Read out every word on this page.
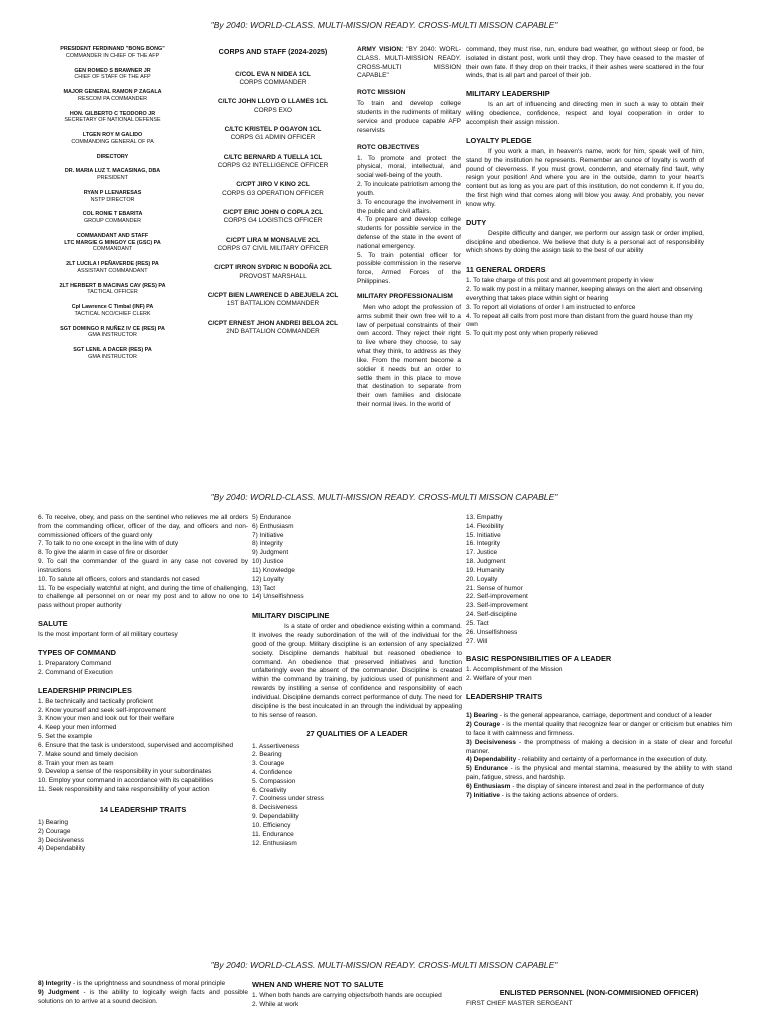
"By 2040: WORLD-CLASS. MULTI-MISSION READY. CROSS-MULTI MISSON CAPABLE"
PRESIDENT FERDINAND "BONG BONG"
COMMANDER IN CHIEF OF THE AFP
GEN ROMEO S BRAWNER JR
CHIEF OF STAFF OF THE AFP
MAJOR GENERAL RAMON P ZAGALA
RESCOM PA COMMANDER
HON. GILBERTO C TEODORO JR
SECRETARY OF NATIONAL DEFENSE
LTGEN ROY M GALIDO
COMMANDING GENERAL OF PA
DIRECTORY
DR. MARIA LUZ T. MACASINAG, DBA
PRESIDENT
RYAN P LLENARESAS
NSTP DIRECTOR
COL RONIE T EBARITA
GROUP COMMANDER
COMMANDANT AND STAFF
LTC MARGIE G MINGOY CE (GSC) PA
COMMANDANT
2LT LUCILA I PEÑAVERDE (RES) PA
ASSISTANT COMMANDANT
2LT HERBERT B MACINAS CAV (RES) PA
TACTICAL OFFICER
Cpl Lawrence C Timbal (INF) PA
TACTICAL NCO/CHIEF CLERK
SGT DOMINGO R NUÑEZ IV CE (RES) PA
GMA INSTRUCTOR
SGT LENIL A DACER (RES) PA
GMA INSTRUCTOR
CORPS AND STAFF (2024-2025)
C/COL EVA N NIDEA 1CL
CORPS COMMANDER
C/LTC JOHN LLOYD O LLAMES 1CL
CORPS EXO
C/LTC KRISTEL P OGAYON 1CL
CORPS G1 ADMIN OFFICER
C/LTC BERNARD A TUELLA 1CL
CORPS G2 INTELLIGENCE OFFICER
C/CPT JIRO V KINO 2CL
CORPS G3 OPERATION OFFICER
C/CPT ERIC JOHN O COPLA 2CL
CORPS G4 LOGISTICS OFFICER
C/CPT LIRA M MONSALVE 2CL
CORPS G7 CIVIL MILITARY OFFICER
C/CPT IRRON SYDRIC N BODOÑA 2CL
PROVOST MARSHALL
C/CPT BIEN LAWRENCE D ABEJUELA 2CL
1ST BATTALION COMMANDER
C/CPT ERNEST JHON ANDREI BELOA 2CL
2ND BATTALION COMMANDER
ARMY VISION: "BY 2040: WORL-CLASS. MULTI-MISSION READY. CROSS-MULTI MISSION CAPABLE"
ROTC MISSION
To train and develop college students in the rudiments of military service and produce capable AFP reservists
ROTC OBJECTIVES
1. To promote and protect the physical, moral, intellectual, and social well-being of the youth.
2. To inculcate patriotism among the youth.
3. To encourage the involvement in the public and civil affairs.
4. To prepare and develop college students for possible service in the defense of the state in the event of national emergency.
5. To train potential officer for possible commission in the reserve force, Armed Forces of the Philippines.
MILITARY PROFESSIONALISM
Men who adopt the profession of arms submit their own free will to a law of perpetual constraints of their own accord. They reject their right to live where they choose, to say what they think, to address as they like. From the moment become a soldier it needs but an order to settle them in this place to move that destination to separate from their own families and dislocate their normal lives. In the world of
command, they must rise, run, endure bad weather, go without sleep or food, be isolated in distant post, work until they drop. They have ceased to the master of their own fate. If they drop on their tracks, if their ashes were scattered in the four winds, that is all part and parcel of their job.
MILITARY LEADERSHIP
Is an art of influencing and directing men in such a way to obtain their willing obedience, confidence, respect and loyal cooperation in order to accomplish their assign mission.
LOYALTY PLEDGE
If you work a man, in heaven's name, work for him, speak well of him, stand by the institution he represents. Remember an ounce of loyalty is worth of pound of cleverness. If you must growl, condemn, and eternally find fault, why resign your position! And where you are in the outside, damn to your heart's content but as long as you are part of this institution, do not condemn it. If you do, the first high wind that comes along will blow you away. And probably, you never know why.
DUTY
Despite difficulty and danger, we perform our assign task or order implied, discipline and obedience. We believe that duty is a personal act of responsibility which shows by doing the assign task to the best of our ability
11 GENERAL ORDERS
1. To take charge of this post and all government property in view
2. To walk my post in a military manner, keeping always on the alert and observing everything that takes place within sight or hearing
3. To report all violations of order I am instructed to enforce
4. To repeat all calls from post more than distant from the guard house than my own
5. To quit my post only when properly relieved
"By 2040: WORLD-CLASS. MULTI-MISSION READY. CROSS-MULTI MISSON CAPABLE"
6. To receive, obey, and pass on the sentinel who relieves me all orders from the commanding officer, officer of the day, and officers and non-commissioned officers of the guard only
7. To talk to no one except in the line with of duty
8. To give the alarm in case of fire or disorder
9. To call the commander of the guard in any case not covered by instructions
10. To salute all officers, colors and standards not cased
11. To be especially watchful at night, and during the time of challenging, to challenge all personnel on or near my post and to allow no one to pass without proper authority
SALUTE
Is the most important form of all military courtesy
TYPES OF COMMAND
1. Preparatory Command
2. Command of Execution
LEADERSHIP PRINCIPLES
1. Be technically and tactically proficient
2. Know yourself and seek self-improvement
3. Know your men and look out for their welfare
4. Keep your men informed
5. Set the example
6. Ensure that the task is understood, supervised and accomplished
7. Make sound and timely decision
8. Train your men as team
9. Develop a sense of the responsibility in your subordinates
10. Employ your command in accordance with its capabilities
11. Seek responsibility and take responsibility of your action
14 LEADERSHIP TRAITS
1) Bearing
2) Courage
3) Decisiveness
4) Dependability
5) Endurance
6) Enthusiasm
7) Initiative
8) Integrity
9) Judgment
10) Justice
11) Knowledge
12) Loyalty
13) Tact
14) Unselfishness
MILITARY DISCIPLINE
Is a state of order and obedience existing within a command. It involves the ready subordination of the will of the individual for the good of the group. Military discipline is an extension of any specialized society. Discipline demands habitual but reasoned obedience to command. An obedience that preserved initiatives and function unfalteringly even the absent of the commander. Discipline is created within the command by training, by judicious used of punishment and rewards by instilling a sense of confidence and responsibility of each individual. Discipline demands correct performance of duty. The need for discipline is the best inculcated in an through the individual by appealing to his sense of reason.
27 QUALITIES OF A LEADER
1. Assertiveness
2. Bearing
3. Courage
4. Confidence
5. Compassion
6. Creativity
7. Coolness under stress
8. Decisiveness
9. Dependability
10. Efficiency
11. Endurance
12. Enthusiasm
13. Empathy
14. Flexibility
15. Initiative
16. Integrity
17. Justice
18. Judgment
19. Humanity
20. Loyalty
21. Sense of humor
22. Self-improvement
23. Self-improvement
24. Self-discipline
25. Tact
26. Unselfishness
27. Will
BASIC RESPONSIBILITIES OF A LEADER
1. Accomplishment of the Mission
2. Welfare of your men
LEADERSHIP TRAITS
1) Bearing - is the general appearance, carriage, deportment and conduct of a leader
2) Courage - is the mental quality that recognize fear or danger or criticism but enables him to face it with calmness and firmness.
3) Decisiveness - the promptness of making a decision in a state of clear and forceful manner.
4) Dependability - reliability and certainty of a performance in the execution of duty.
5) Endurance - is the physical and mental stamina, measured by the ability to with stand pain, fatigue, stress, and hardship.
6) Enthusiasm - the display of sincere interest and zeal in the performance of duty
7) Initiative - is the taking actions absence of orders.
"By 2040: WORLD-CLASS. MULTI-MISSION READY. CROSS-MULTI MISSON CAPABLE"
8) Integrity - is the uprightness and soundness of moral principle
9) Judgment - is the ability to logically weigh facts and possible solutions on to arrive at a sound decision.
WHEN AND WHERE NOT TO SALUTE
1. When both hands are carrying objects/both hands are occupied
2. While at work
ENLISTED PERSONNEL (NON-COMMISIONED OFFICER)
FIRST CHIEF MASTER SERGEANT
